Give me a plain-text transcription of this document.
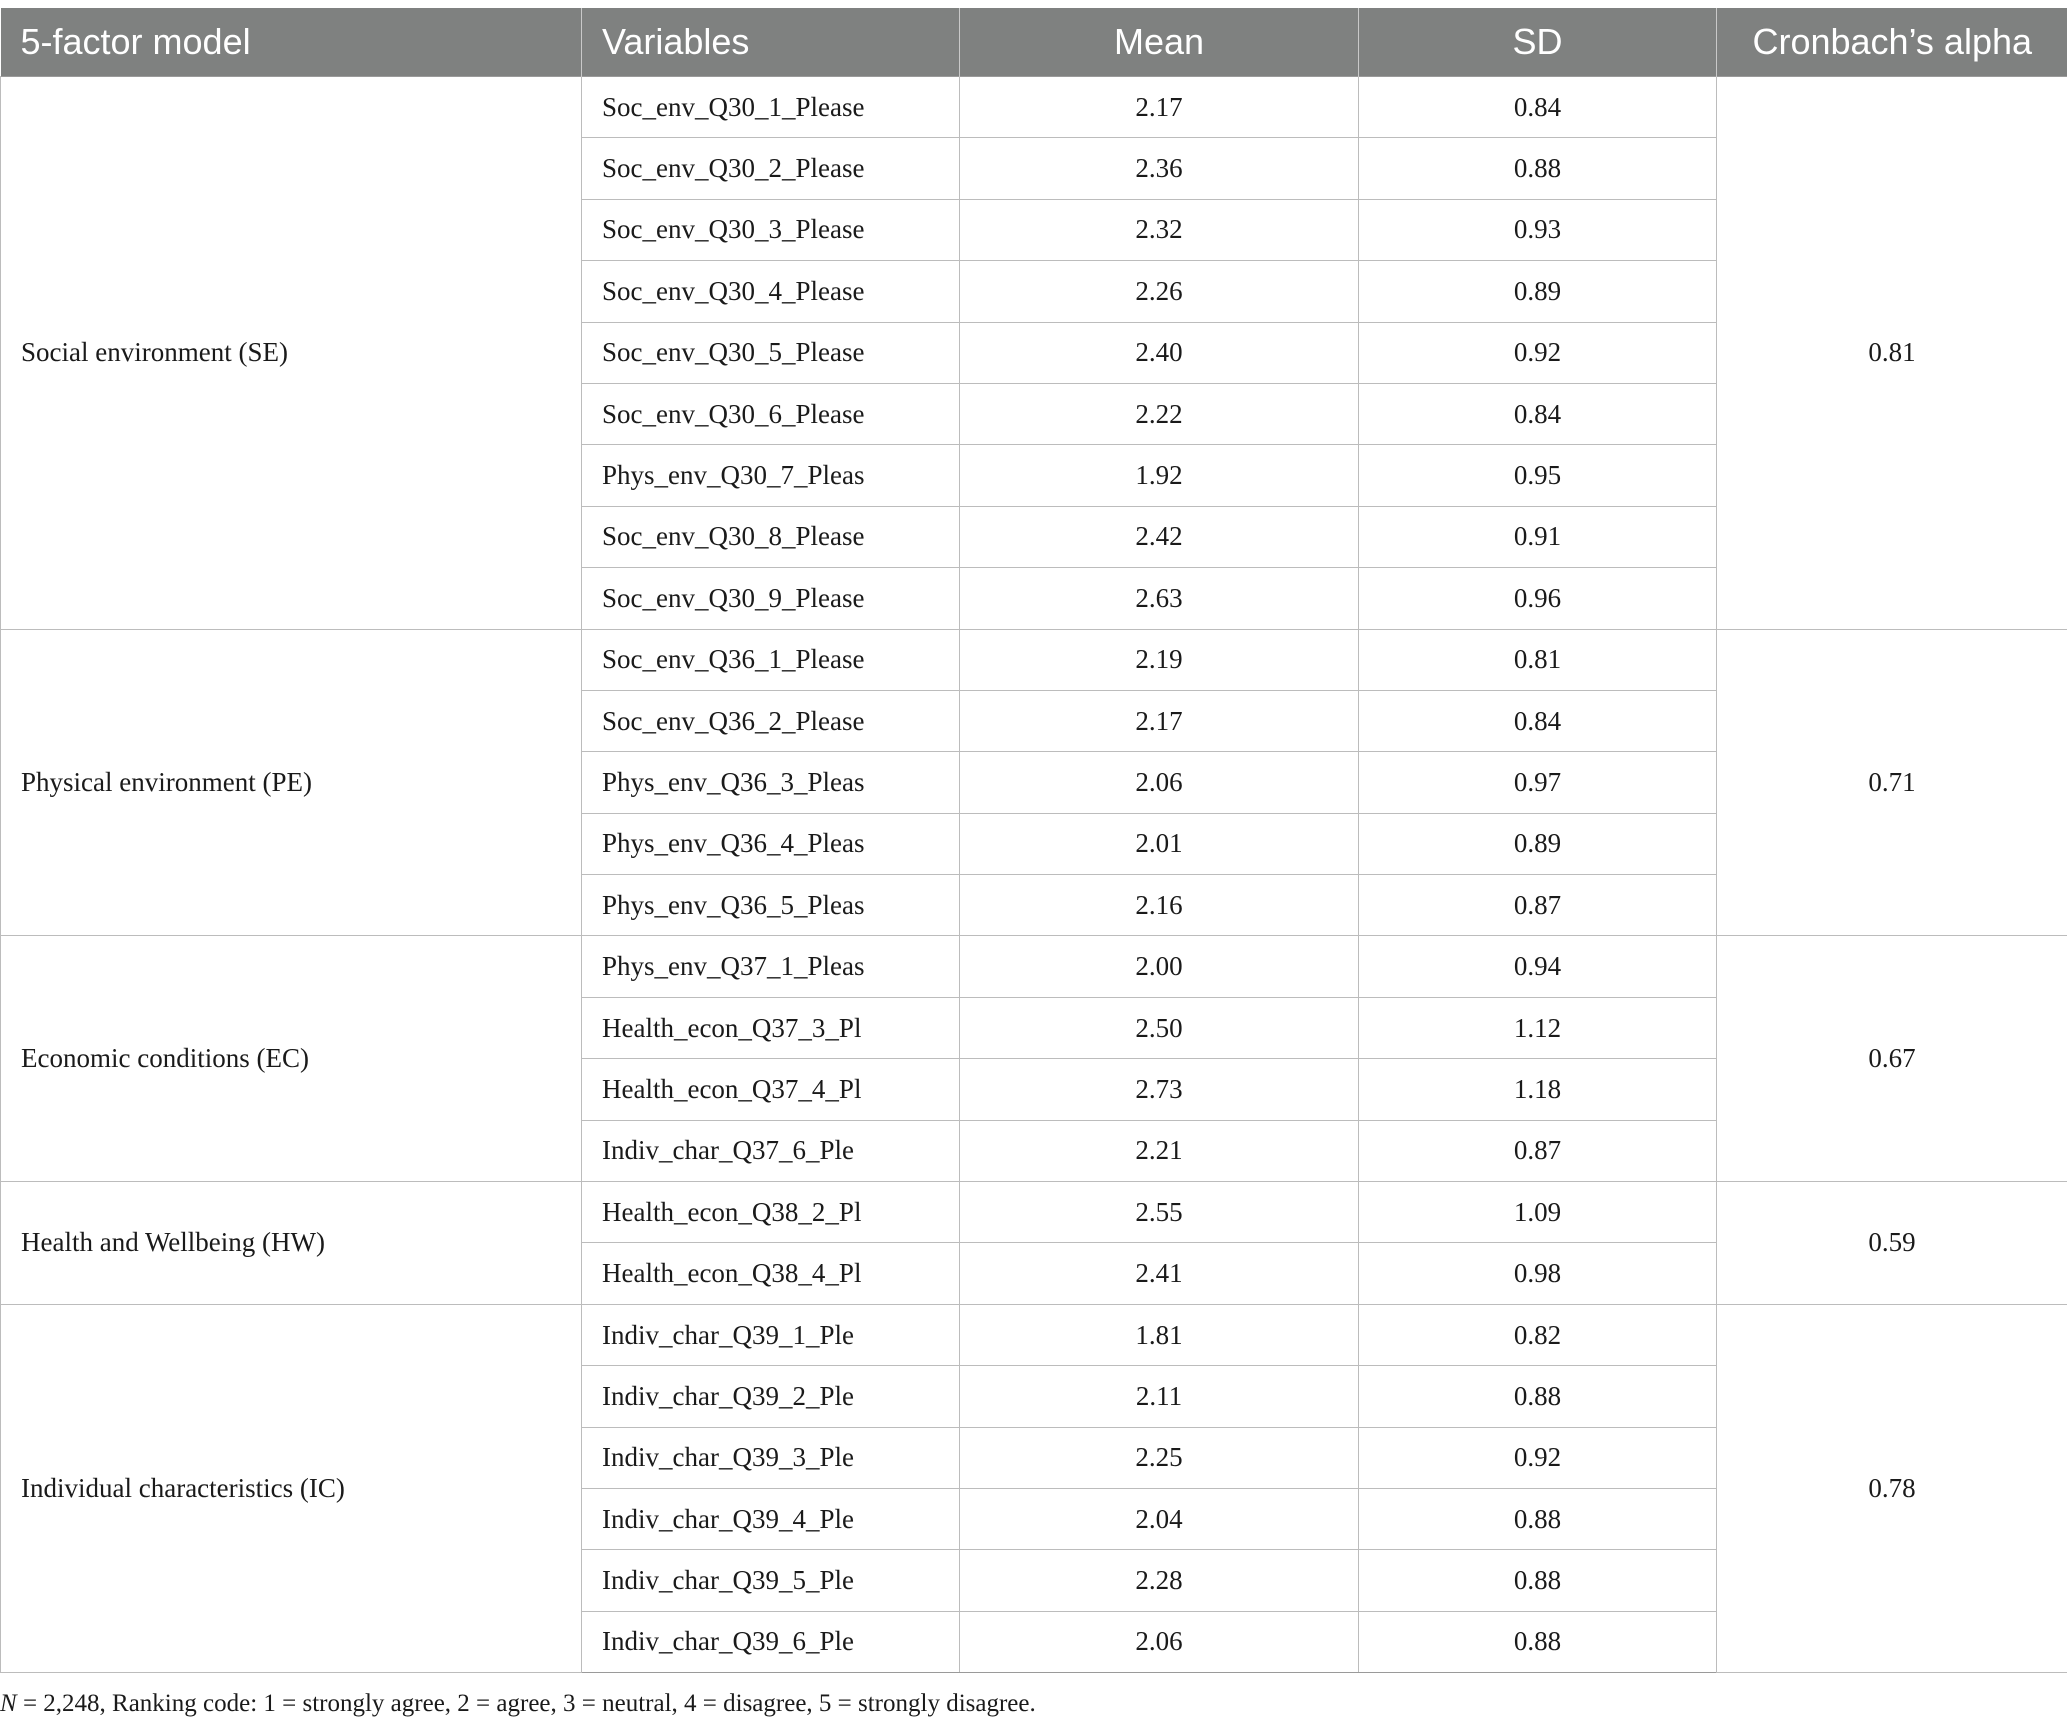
5-factor model	Variables	Mean	SD	Cronbach’s alpha
Social environment (SE)	Soc_env_Q30_1_Please	2.17	0.84	0.81
	Soc_env_Q30_2_Please	2.36	0.88	
	Soc_env_Q30_3_Please	2.32	0.93	
	Soc_env_Q30_4_Please	2.26	0.89	
	Soc_env_Q30_5_Please	2.40	0.92	
	Soc_env_Q30_6_Please	2.22	0.84	
	Phys_env_Q30_7_Pleas	1.92	0.95	
	Soc_env_Q30_8_Please	2.42	0.91	
	Soc_env_Q30_9_Please	2.63	0.96	
Physical environment (PE)	Soc_env_Q36_1_Please	2.19	0.81	0.71
	Soc_env_Q36_2_Please	2.17	0.84	
	Phys_env_Q36_3_Pleas	2.06	0.97	
	Phys_env_Q36_4_Pleas	2.01	0.89	
	Phys_env_Q36_5_Pleas	2.16	0.87	
Economic conditions (EC)	Phys_env_Q37_1_Pleas	2.00	0.94	0.67
	Health_econ_Q37_3_Pl	2.50	1.12	
	Health_econ_Q37_4_Pl	2.73	1.18	
	Indiv_char_Q37_6_Ple	2.21	0.87	
Health and Wellbeing (HW)	Health_econ_Q38_2_Pl	2.55	1.09	0.59
	Health_econ_Q38_4_Pl	2.41	0.98	
Individual characteristics (IC)	Indiv_char_Q39_1_Ple	1.81	0.82	0.78
	Indiv_char_Q39_2_Ple	2.11	0.88	
	Indiv_char_Q39_3_Ple	2.25	0.92	
	Indiv_char_Q39_4_Ple	2.04	0.88	
	Indiv_char_Q39_5_Ple	2.28	0.88	
	Indiv_char_Q39_6_Ple	2.06	0.88	
N = 2,248, Ranking code: 1 = strongly agree, 2 = agree, 3 = neutral, 4 = disagree, 5 = strongly disagree.
